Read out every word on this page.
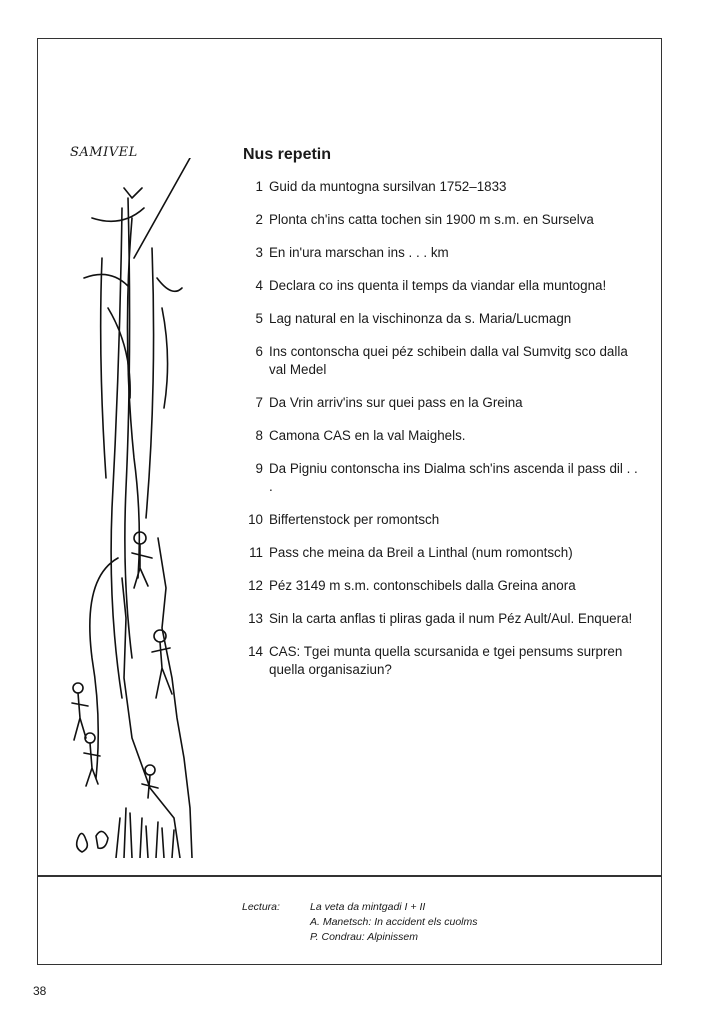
SAMIVEL	Nus repetin
1 Guid da muntogna sursilvan 1752–1833
2 Plonta ch'ins catta tochen sin 1900 m s.m. en Surselva
3 En in'ura marschan ins . . . km
4 Declara co ins quenta il temps da viandar ella muntogna!
5 Lag natural en la vischinonza da s. Maria/Lucmagn
6 Ins contonscha quei péz schibein dalla val Sumvitg sco dalla val Medel
7 Da Vrin arriv'ins sur quei pass en la Greina
8 Camona CAS en la val Maighels.
9 Da Pigniu contonscha ins Dialma sch'ins ascenda il pass dil . . .
10 Biffertenstock per romontsch
11 Pass che meina da Breil a Linthal (num romontsch)
12 Péz 3149 m s.m. contonschibels dalla Greina anora
13 Sin la carta anflas ti pliras gada il num Péz Ault/Aul. Enquera!
14 CAS: Tgei munta quella scursanida e tgei pensums surpren quella organisaziun?
Lectura:	La veta da mintgadi I + II
A. Manetsch: In accident els cuolms
P. Condrau: Alpinissem
38
